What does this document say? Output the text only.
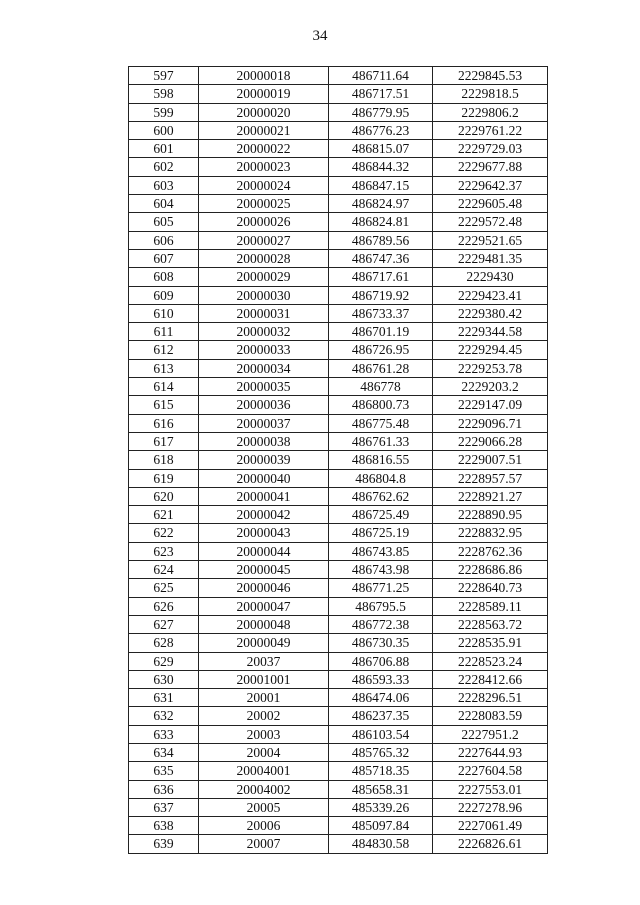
34
597	20000018	486711.64	2229845.53
598	20000019	486717.51	2229818.5
599	20000020	486779.95	2229806.2
600	20000021	486776.23	2229761.22
601	20000022	486815.07	2229729.03
602	20000023	486844.32	2229677.88
603	20000024	486847.15	2229642.37
604	20000025	486824.97	2229605.48
605	20000026	486824.81	2229572.48
606	20000027	486789.56	2229521.65
607	20000028	486747.36	2229481.35
608	20000029	486717.61	2229430
609	20000030	486719.92	2229423.41
610	20000031	486733.37	2229380.42
611	20000032	486701.19	2229344.58
612	20000033	486726.95	2229294.45
613	20000034	486761.28	2229253.78
614	20000035	486778	2229203.2
615	20000036	486800.73	2229147.09
616	20000037	486775.48	2229096.71
617	20000038	486761.33	2229066.28
618	20000039	486816.55	2229007.51
619	20000040	486804.8	2228957.57
620	20000041	486762.62	2228921.27
621	20000042	486725.49	2228890.95
622	20000043	486725.19	2228832.95
623	20000044	486743.85	2228762.36
624	20000045	486743.98	2228686.86
625	20000046	486771.25	2228640.73
626	20000047	486795.5	2228589.11
627	20000048	486772.38	2228563.72
628	20000049	486730.35	2228535.91
629	20037	486706.88	2228523.24
630	20001001	486593.33	2228412.66
631	20001	486474.06	2228296.51
632	20002	486237.35	2228083.59
633	20003	486103.54	2227951.2
634	20004	485765.32	2227644.93
635	20004001	485718.35	2227604.58
636	20004002	485658.31	2227553.01
637	20005	485339.26	2227278.96
638	20006	485097.84	2227061.49
639	20007	484830.58	2226826.61
